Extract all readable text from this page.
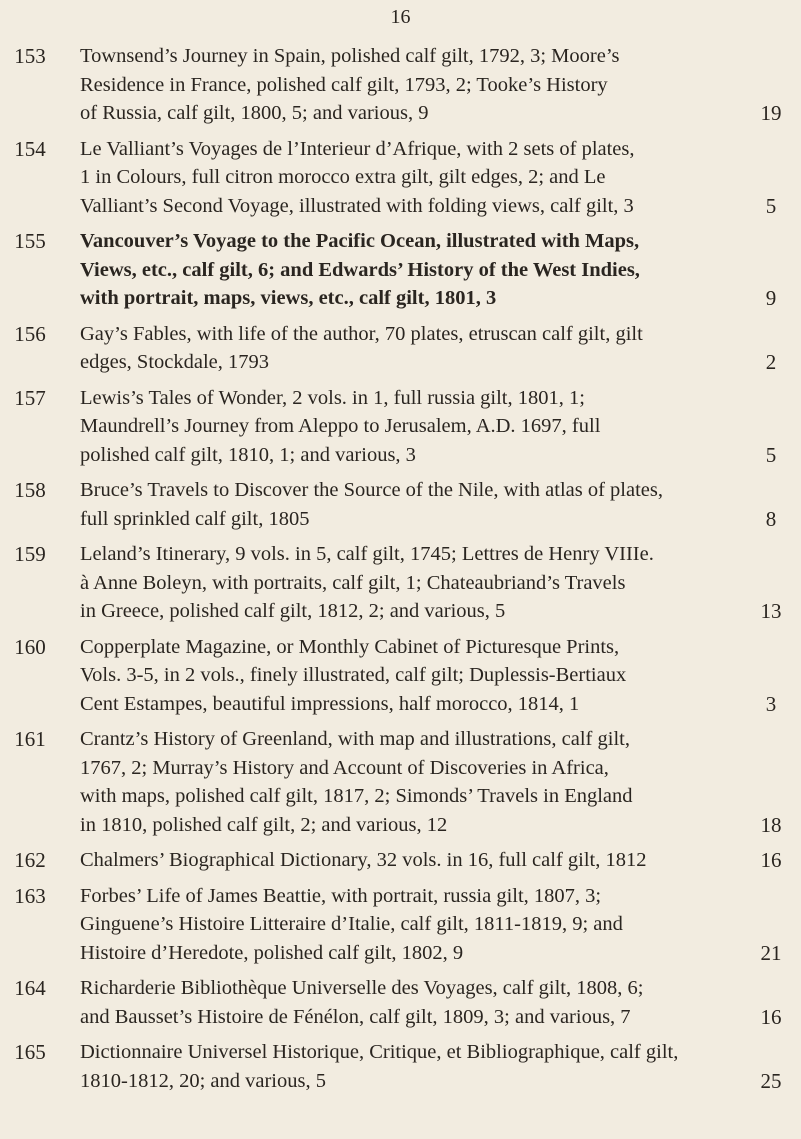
16
153	Townsend’s Journey in Spain, polished calf gilt, 1792, 3; Moore’s
Residence in France, polished calf gilt, 1793, 2; Tooke’s History
of Russia, calf gilt, 1800, 5; and various, 9	19
154	Le Valliant’s Voyages de l’Interieur d’Afrique, with 2 sets of plates,
1 in Colours, full citron morocco extra gilt, gilt edges, 2; and Le
Valliant’s Second Voyage, illustrated with folding views, calf gilt, 3	5
155	Vancouver’s Voyage to the Pacific Ocean, illustrated with Maps,
Views, etc., calf gilt, 6; and Edwards’ History of the West Indies,
with portrait, maps, views, etc., calf gilt, 1801, 3	9
156	Gay’s Fables, with life of the author, 70 plates, etruscan calf gilt, gilt
edges, Stockdale, 1793	2
157	Lewis’s Tales of Wonder, 2 vols. in 1, full russia gilt, 1801, 1;
Maundrell’s Journey from Aleppo to Jerusalem, A.D. 1697, full
polished calf gilt, 1810, 1; and various, 3	5
158	Bruce’s Travels to Discover the Source of the Nile, with atlas of plates,
full sprinkled calf gilt, 1805	8
159	Leland’s Itinerary, 9 vols. in 5, calf gilt, 1745; Lettres de Henry VIIIe.
à Anne Boleyn, with portraits, calf gilt, 1; Chateaubriand’s Travels
in Greece, polished calf gilt, 1812, 2; and various, 5	13
160	Copperplate Magazine, or Monthly Cabinet of Picturesque Prints,
Vols. 3-5, in 2 vols., finely illustrated, calf gilt; Duplessis-Bertiaux
Cent Estampes, beautiful impressions, half morocco, 1814, 1	3
161	Crantz’s History of Greenland, with map and illustrations, calf gilt,
1767, 2; Murray’s History and Account of Discoveries in Africa,
with maps, polished calf gilt, 1817, 2; Simonds’ Travels in England
in 1810, polished calf gilt, 2; and various, 12	18
162	Chalmers’ Biographical Dictionary, 32 vols. in 16, full calf gilt, 1812	16
163	Forbes’ Life of James Beattie, with portrait, russia gilt, 1807, 3;
Ginguene’s Histoire Litteraire d’Italie, calf gilt, 1811-1819, 9; and
Histoire d’Heredote, polished calf gilt, 1802, 9	21
164	Richarderie Bibliothèque Universelle des Voyages, calf gilt, 1808, 6;
and Bausset’s Histoire de Fénélon, calf gilt, 1809, 3; and various, 7	16
165	Dictionnaire Universel Historique, Critique, et Bibliographique, calf gilt,
1810-1812, 20; and various, 5	25
